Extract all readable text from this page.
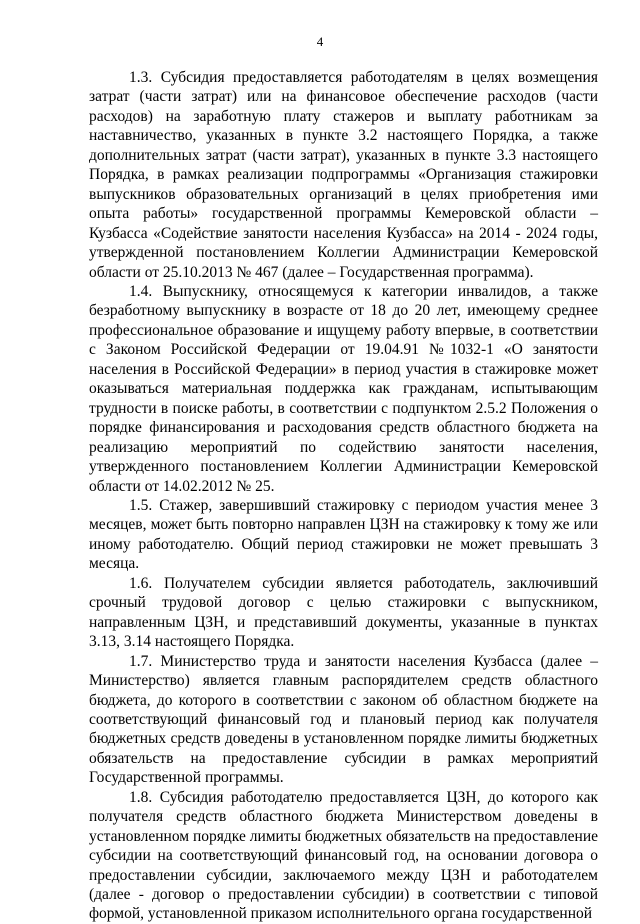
4

1.3. Субсидия предоставляется работодателям в целях возмещения затрат (части затрат) или на финансовое обеспечение расходов (части расходов) на заработную плату стажеров и выплату работникам за наставничество, указанных в пункте 3.2 настоящего Порядка, а также дополнительных затрат (части затрат), указанных в пункте 3.3 настоящего Порядка, в рамках реализации подпрограммы «Организация стажировки выпускников образовательных организаций в целях приобретения ими опыта работы» государственной программы Кемеровской области – Кузбасса «Содействие занятости населения Кузбасса» на 2014 - 2024 годы, утвержденной постановлением Коллегии Администрации Кемеровской области от 25.10.2013 № 467 (далее – Государственная программа).

1.4. Выпускнику, относящемуся к категории инвалидов, а также безработному выпускнику в возрасте от 18 до 20 лет, имеющему среднее профессиональное образование и ищущему работу впервые, в соответствии с Законом Российской Федерации от 19.04.91 №1032-1 «О занятости населения в Российской Федерации» в период участия в стажировке может оказываться материальная поддержка как гражданам, испытывающим трудности в поиске работы, в соответствии с подпунктом 2.5.2 Положения о порядке финансирования и расходования средств областного бюджета на реализацию мероприятий по содействию занятости населения, утвержденного постановлением Коллегии Администрации Кемеровской области от 14.02.2012 № 25.

1.5. Стажер, завершивший стажировку с периодом участия менее 3 месяцев, может быть повторно направлен ЦЗН на стажировку к тому же или иному работодателю. Общий период стажировки не может превышать 3 месяца.

1.6. Получателем субсидии является работодатель, заключивший срочный трудовой договор с целью стажировки с выпускником, направленным ЦЗН, и представивший документы, указанные в пунктах 3.13, 3.14 настоящего Порядка.

1.7. Министерство труда и занятости населения Кузбасса (далее – Министерство) является главным распорядителем средств областного бюджета, до которого в соответствии с законом об областном бюджете на соответствующий финансовый год и плановый период как получателя бюджетных средств доведены в установленном порядке лимиты бюджетных обязательств на предоставление субсидии в рамках мероприятий Государственной программы.

1.8. Субсидия работодателю предоставляется ЦЗН, до которого как получателя средств областного бюджета Министерством доведены в установленном порядке лимиты бюджетных обязательств на предоставление субсидии на соответствующий финансовый год, на основании договора о предоставлении субсидии, заключаемого между ЦЗН и работодателем (далее - договор о предоставлении субсидии) в соответствии с типовой формой, установленной приказом исполнительного органа государственной
